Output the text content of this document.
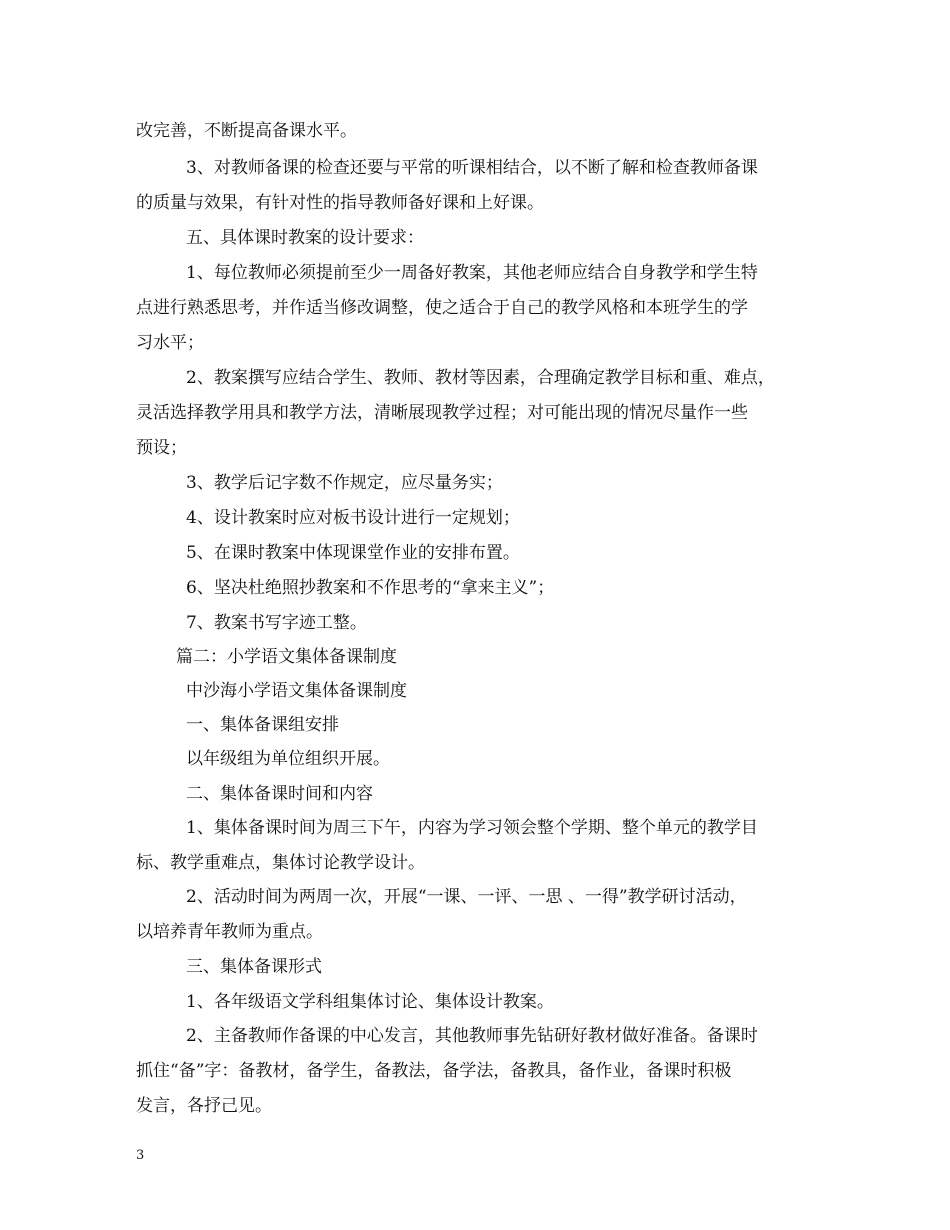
改完善，不断提高备课水平。
3、对教师备课的检查还要与平常的听课相结合，以不断了解和检查教师备课
的质量与效果，有针对性的指导教师备好课和上好课。
五、具体课时教案的设计要求：
1、每位教师必须提前至少一周备好教案，其他老师应结合自身教学和学生特
点进行熟悉思考，并作适当修改调整，使之适合于自己的教学风格和本班学生的学
习水平；
2、教案撰写应结合学生、教师、教材等因素，合理确定教学目标和重、难点，
灵活选择教学用具和教学方法，清晰展现教学过程；对可能出现的情况尽量作一些
预设；
3、教学后记字数不作规定，应尽量务实；
4、设计教案时应对板书设计进行一定规划；
5、在课时教案中体现课堂作业的安排布置。
6、坚决杜绝照抄教案和不作思考的“拿来主义”；
7、教案书写字迹工整。
篇二：小学语文集体备课制度
中沙海小学语文集体备课制度
一、集体备课组安排
以年级组为单位组织开展。
二、集体备课时间和内容
1、集体备课时间为周三下午，内容为学习领会整个学期、整个单元的教学目
标、教学重难点，集体讨论教学设计。
2、活动时间为两周一次，开展“一课、一评、一思 、一得”教学研讨活动，
以培养青年教师为重点。
三、集体备课形式
1、各年级语文学科组集体讨论、集体设计教案。
2、主备教师作备课的中心发言，其他教师事先钻研好教材做好准备。备课时
抓住“备”字：备教材，备学生，备教法，备学法，备教具，备作业，备课时积极
发言，各抒己见。
3
